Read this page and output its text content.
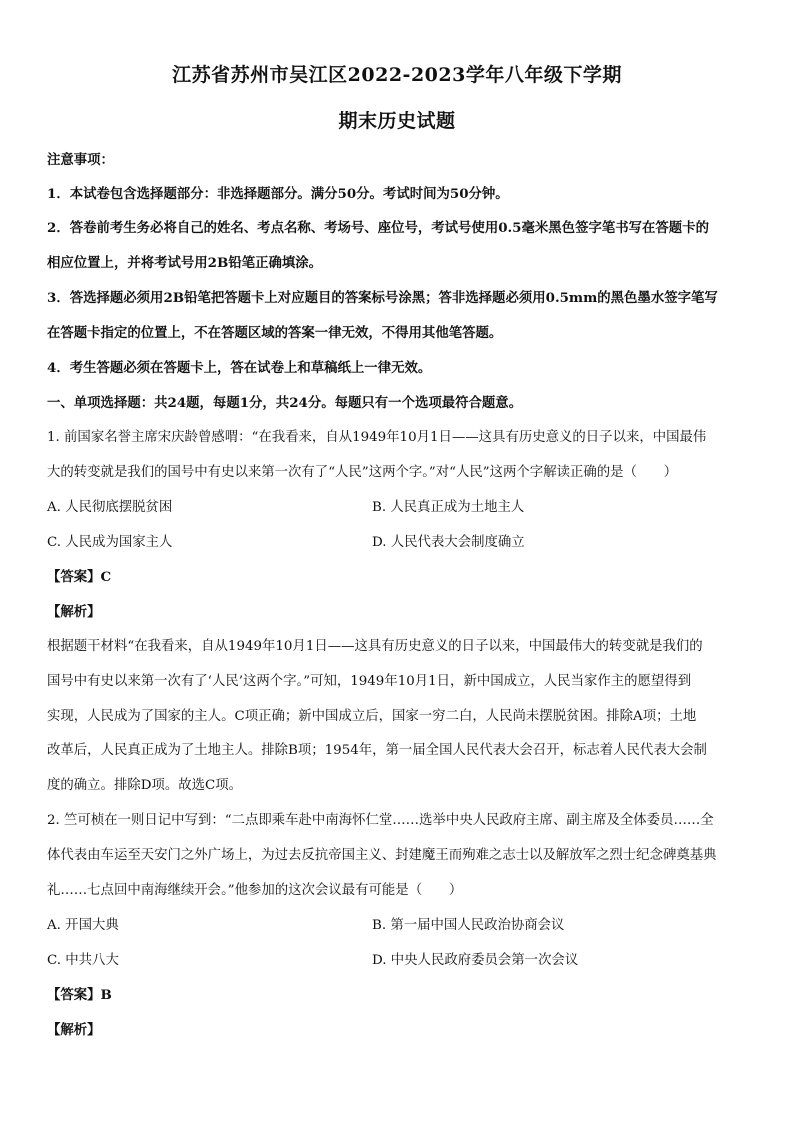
江苏省苏州市吴江区2022-2023学年八年级下学期
期末历史试题
注意事项：
1．本试卷包含选择题部分：非选择题部分。满分50分。考试时间为50分钟。
2．答卷前考生务必将自己的姓名、考点名称、考场号、座位号，考试号使用0.5毫米黑色签字笔书写在答题卡的
相应位置上，并将考试号用2B铅笔正确填涂。
3．答选择题必须用2B铅笔把答题卡上对应题目的答案标号涂黑；答非选择题必须用0.5mm的黑色墨水签字笔写
在答题卡指定的位置上，不在答题区域的答案一律无效，不得用其他笔答题。
4．考生答题必须在答题卡上，答在试卷上和草稿纸上一律无效。
一、单项选择题：共24题，每题1分，共24分。每题只有一个选项最符合题意。
1. 前国家名誉主席宋庆龄曾感喟：“在我看来，自从1949年10月1日——这具有历史意义的日子以来，中国最伟
大的转变就是我们的国号中有史以来第一次有了“人民”这两个字。”对“人民”这两个字解读正确的是（　　）
A. 人民彻底摆脱贫困	B. 人民真正成为土地主人
C. 人民成为国家主人	D. 人民代表大会制度确立
【答案】C
【解析】
根据题干材料“在我看来，自从1949年10月1日——这具有历史意义的日子以来，中国最伟大的转变就是我们的
国号中有史以来第一次有了‘人民’这两个字。”可知，1949年10月1日，新中国成立，人民当家作主的愿望得到
实现，人民成为了国家的主人。C项正确；新中国成立后，国家一穷二白，人民尚未摆脱贫困。排除A项；土地
改革后，人民真正成为了土地主人。排除B项；1954年，第一届全国人民代表大会召开，标志着人民代表大会制
度的确立。排除D项。故选C项。
2. 竺可桢在一则日记中写到：“二点即乘车赴中南海怀仁堂……选举中央人民政府主席、副主席及全体委员……全
体代表由车运至天安门之外广场上，为过去反抗帝国主义、封建魔王而殉难之志士以及解放军之烈士纪念碑奠基典
礼……七点回中南海继续开会。”他参加的这次会议最有可能是（　　）
A. 开国大典	B. 第一届中国人民政治协商会议
C. 中共八大	D. 中央人民政府委员会第一次会议
【答案】B
【解析】
